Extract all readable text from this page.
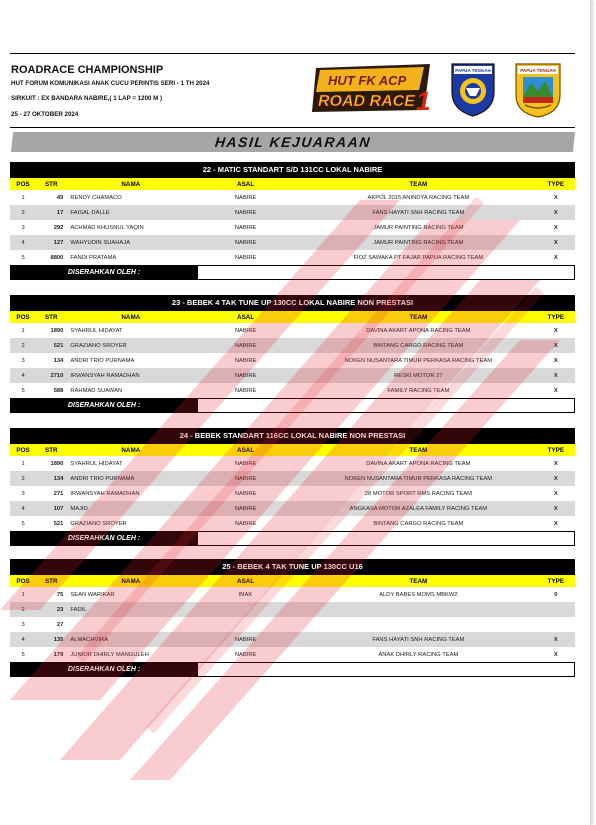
ROADRACE CHAMPIONSHIP
HUT FORUM KOMUNIKASI ANAK CUCU PERINTIS SERI - 1 TH 2024
SIRKUIT : EX BANDARA NABIRE,( 1 LAP = 1200 M )
25 - 27 OKTOBER 2024
HUT FK ACP
ROAD RACE 1
PAPUA TENGAH	PAPUA TENGAH
HASIL KEJUARAAN
22 - MATIC STANDART S/D 131CC LOKAL NABIRE
POS	STR	NAMA	ASAL	TEAM	TYPE
1	49	RENDY CHAMACO	NABIRE	AKPOL 2015 ANINDYA RACING TEAM	X
2	17	FAISAL DALLE	NABIRE	FANS HAYATI SNH RACING TEAM	X
3	292	ACHMAD KHUSNUL YAQIN	NABIRE	JAMUR PAINTING RACING TEAM	X
4	127	WAHYUDIN SUAHAJA	NABIRE	JAMUR PAINTING RACING TEAM	X
5	8800	FANDI PRATAMA	NABIRE	FIOZ SAWAKA PT FAJAR PAPUA RACING TEAM	X
DISERAHKAN OLEH :
23 - BEBEK 4 TAK TUNE UP 130CC LOKAL NABIRE NON PRESTASI
POS	STR	NAMA	ASAL	TEAM	TYPE
1	1890	SYAHRUL HIDAYAT	NABIRE	DAVINA AKART APONA RACING TEAM	X
2	521	GRAZIANO SROYER	NABIRE	BINTANG CARGO RACING TEAM	X
3	134	ANDRI TRIO PURNAMA	NABIRE	NOKEN NUSANTARA TIMUR PERKASA RACING TEAM	X
4	2710	IRWANSYAH RAMADHAN	NABIRE	RESKI MOTOR 27	X
5	588	RAHMAD SUAWAN	NABIRE	FAMILY RACING TEAM	X
DISERAHKAN OLEH :
24 - BEBEK STANDART 116CC LOKAL NABIRE NON PRESTASI
POS	STR	NAMA	ASAL	TEAM	TYPE
1	1890	SYAHRUL HIDAYAT	NABIRE	DAVINA AKART APONA RACING TEAM	X
2	134	ANDRI TRIO PURNAMA	NABIRE	NOKEN NUSANTARA TIMUR PERKASA RACING TEAM	X
3	271	IRWANSYAH RAMADHAN	NABIRE	28 MOTOR SPORT RMS RACING TEAM	X
4	107	MAJID	NABIRE	ANGKASA MOTOR AZALEA FAMILY RACING TEAM	X
5	521	GRAZIANO SROYER	NABIRE	BINTANG CARGO RACING TEAM	X
DISERAHKAN OLEH :
25 - BEBEK 4 TAK TUNE UP 130CC U16
POS	STR	NAMA	ASAL	TEAM	TYPE
1	75	SEAN WARIKAR	BIAK	ALDY BABES MOMS MBKW2	0
2	23	FADIL			
3	27				
4	135	ALMACHVIRA	NABIRE	FANS HAYATI SNH RACING TEAM	X
5	179	JUNIOR DHIRLY MANGULEH	NABIRE	ANAK DHIRLY RACING TEAM	X
DISERAHKAN OLEH :
